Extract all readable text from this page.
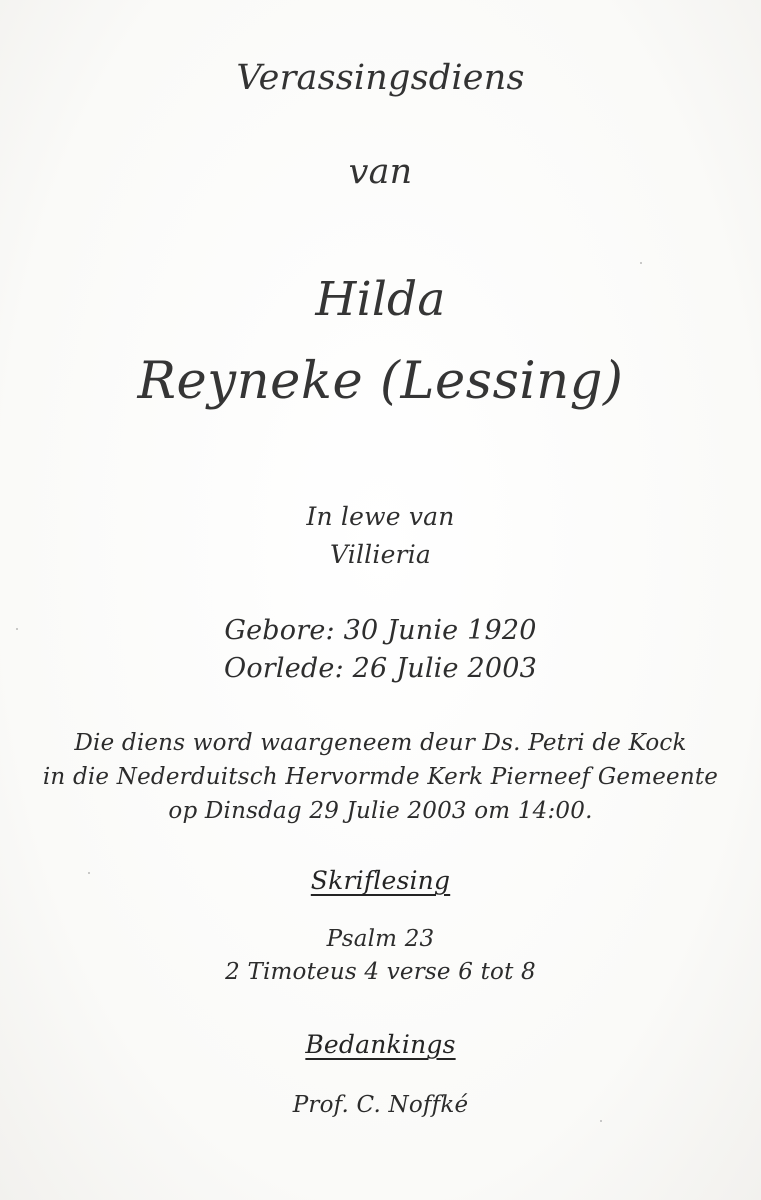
Verassingsdiens
van
Hilda
Reyneke (Lessing)
In lewe van
Villieria
Gebore: 30 Junie 1920
Oorlede: 26 Julie 2003
Die diens word waargeneem deur Ds. Petri de Kock
in die Nederduitsch Hervormde Kerk Pierneef Gemeente
op Dinsdag 29 Julie 2003 om 14:00.
Skriflesing
Psalm 23
2 Timoteus 4 verse 6 tot 8
Bedankings
Prof. C. Noffké
